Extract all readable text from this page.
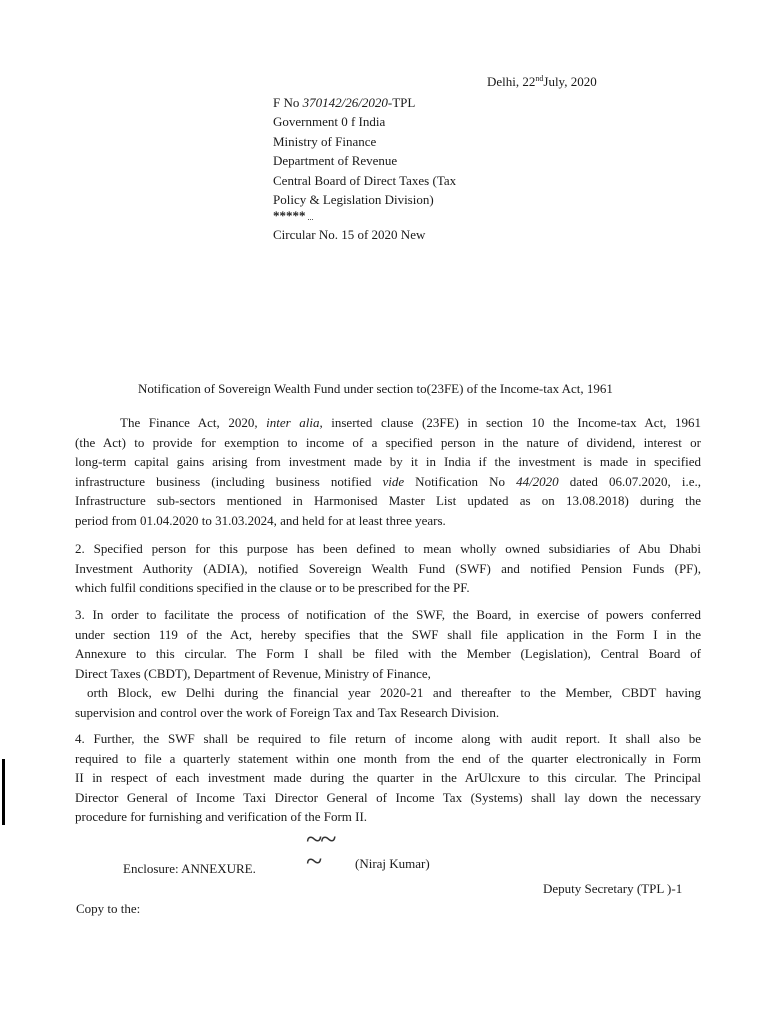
Delhi, 22ndJuly, 2020
F No 370142/26/2020-TPL
Government 0 f India
Ministry of Finance
Department of Revenue
Central Board of Direct Taxes (Tax
Policy & Legislation Division)
***** ...
Circular No. 15 of 2020 New
Notification of Sovereign Wealth Fund under section to(23FE) of the Income-tax Act, 1961
The Finance Act, 2020, inter alia, inserted clause (23FE) in section 10 the Income-tax Act, 1961
(the Act) to provide for exemption to income of a specified person in the nature of dividend, interest or
long-term capital gains arising from investment made by it in India if the investment is made in specified
infrastructure business (including business notified vide Notification No 44/2020 dated 06.07.2020, i.e.,
Infrastructure sub-sectors mentioned in Harmonised Master List updated as on 13.08.2018) during the
period from 01.04.2020 to 31.03.2024, and held for at least three years.
2. Specified person for this purpose has been defined to mean wholly owned subsidiaries of Abu Dhabi
Investment Authority (ADIA), notified Sovereign Wealth Fund (SWF) and notified Pension Funds (PF),
which fulfil conditions specified in the clause or to be prescribed for the PF.
3. In order to facilitate the process of notification of the SWF, the Board, in exercise of powers conferred
under section 119 of the Act, hereby specifies that the SWF shall file application in the Form I in the
Annexure to this circular. The Form I shall be filed with the Member (Legislation), Central Board of
Direct Taxes (CBDT), Department of Revenue, Ministry of Finance,
orth Block, ew Delhi during the financial year 2020-21 and thereafter to the Member, CBDT having
supervision and control over the work of Foreign Tax and Tax Research Division.
4. Further, the SWF shall be required to file return of income along with audit report. It shall also be
required to file a quarterly statement within one month from the end of the quarter electronically in Form
II in respect of each investment made during the quarter in the ArUlcxure to this circular. The Principal
Director General of Income Taxi Director General of Income Tax (Systems) shall lay down the necessary
procedure for furnishing and verification of the Form II.
Enclosure: ANNEXURE.
~~
~	(Niraj Kumar)
Deputy Secretary (TPL )-1
Copy to the:
